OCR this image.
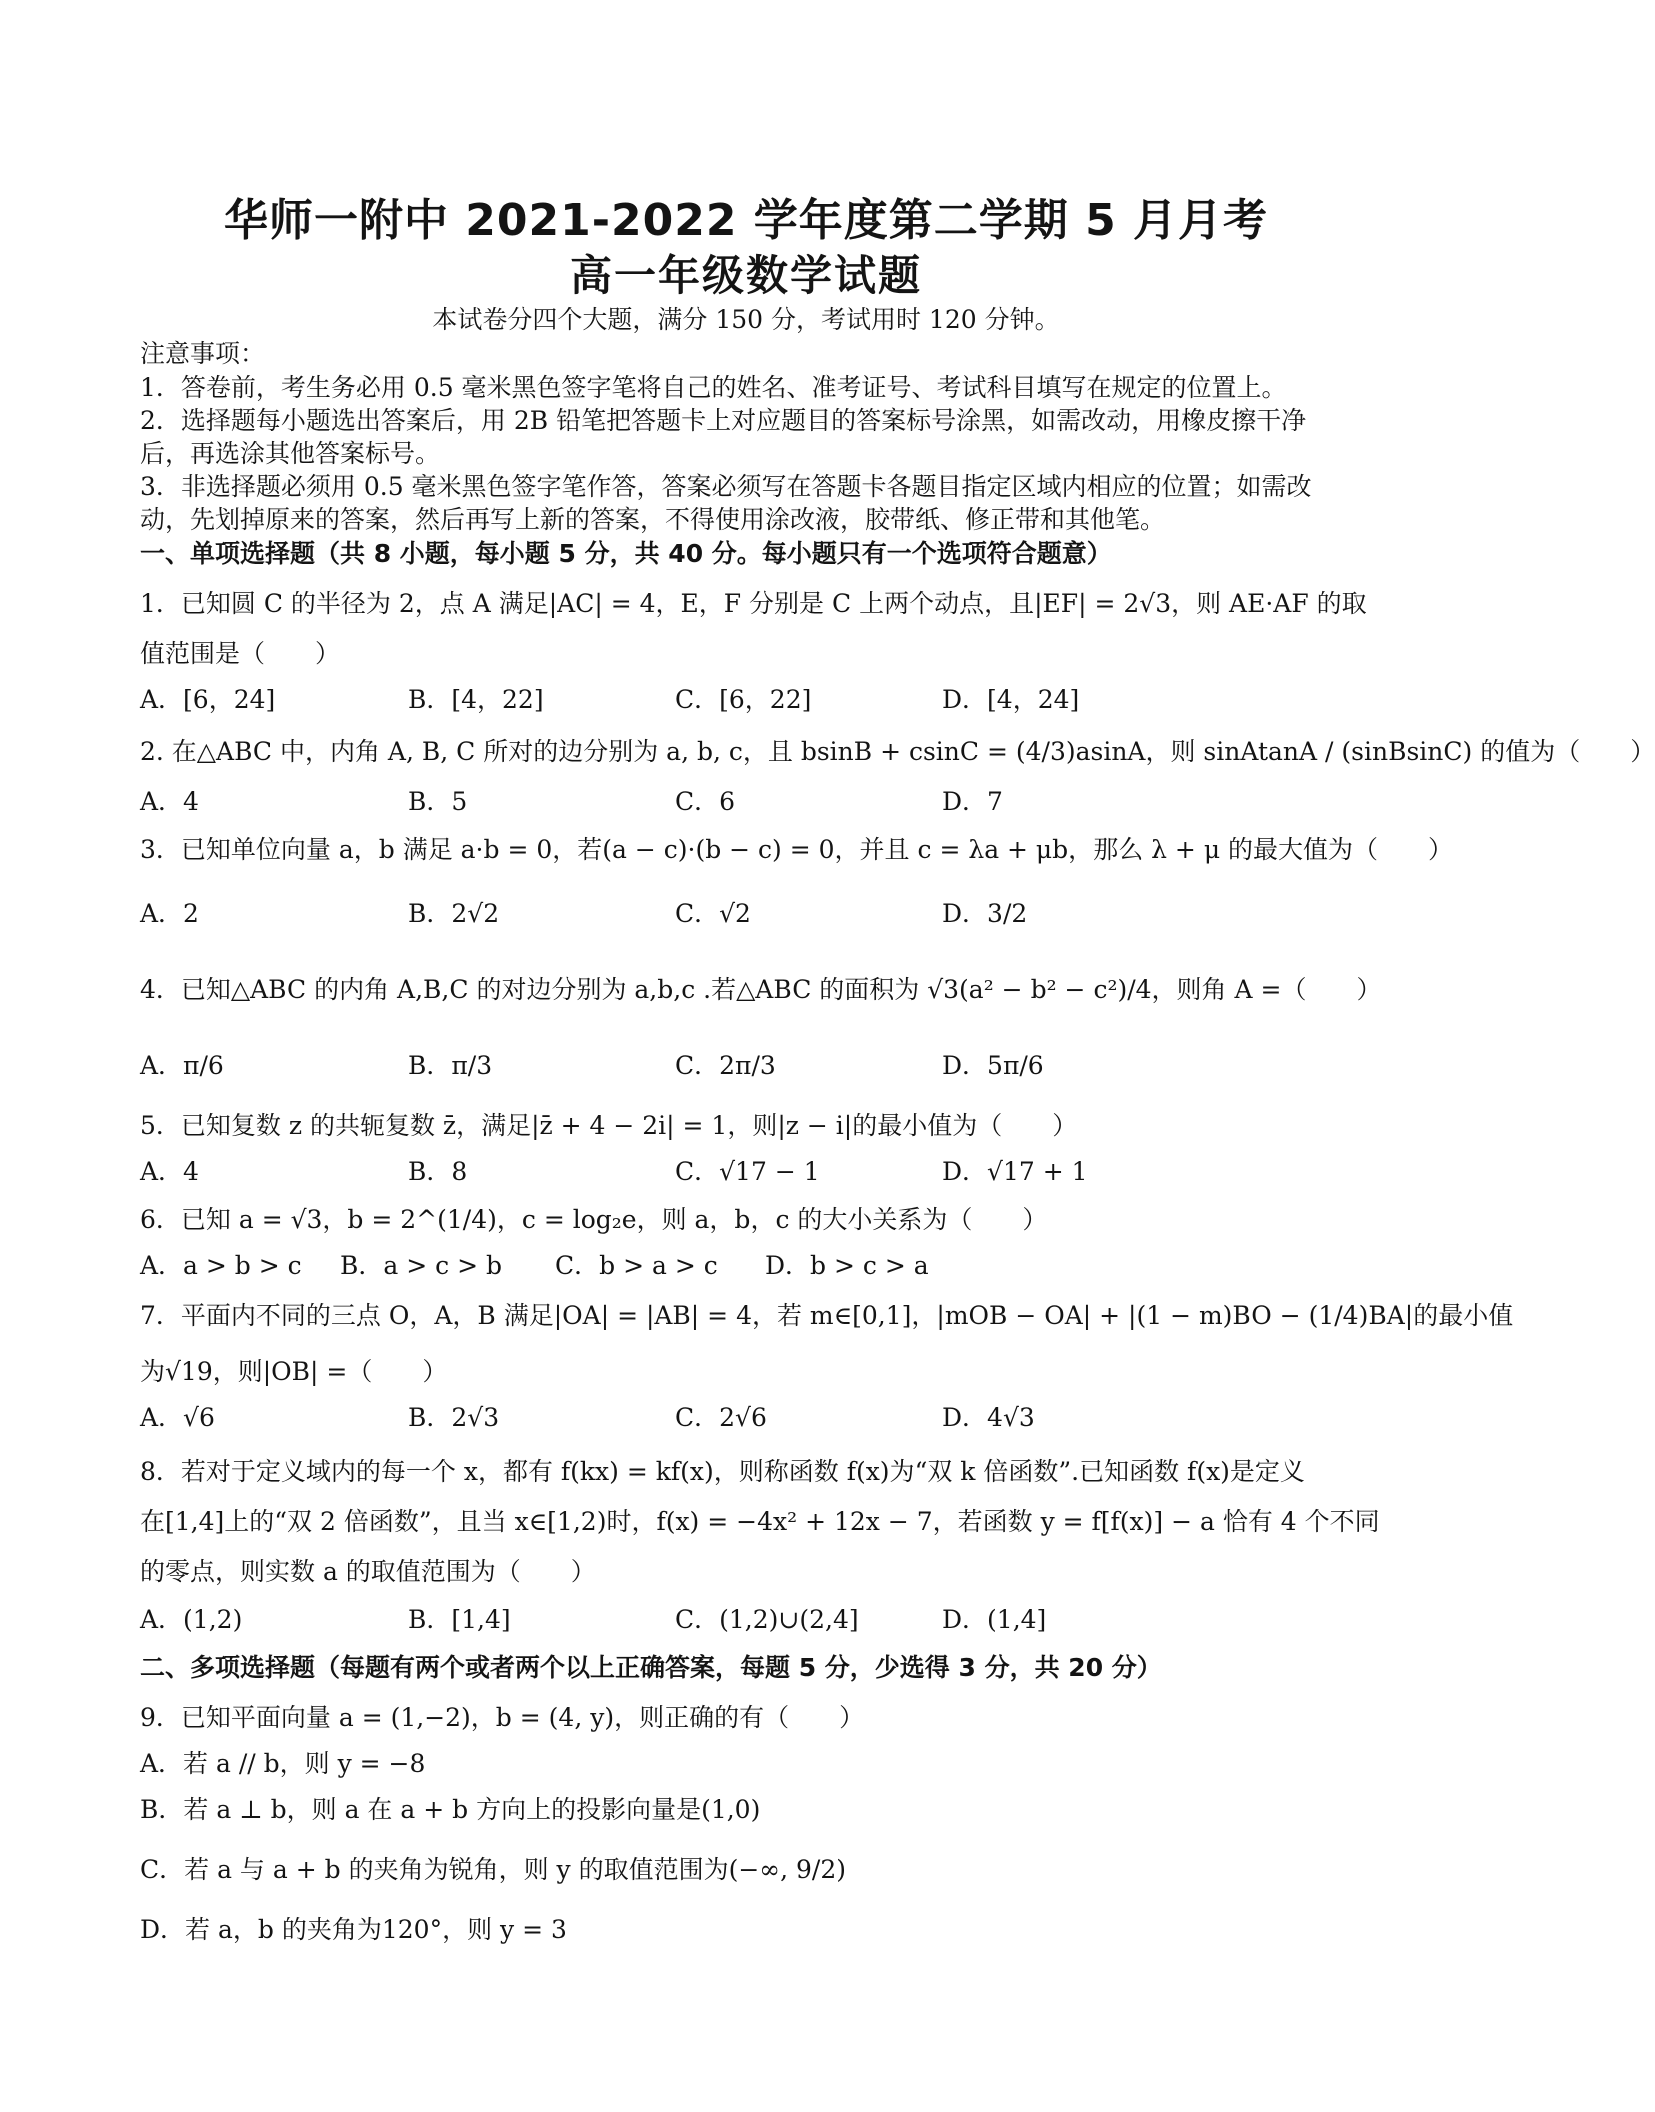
华师一附中 2021-2022 学年度第二学期 5 月月考
高一年级数学试题
本试卷分四个大题，满分 150 分，考试用时 120 分钟。
注意事项：
1．答卷前，考生务必用 0.5 毫米黑色签字笔将自己的姓名、准考证号、考试科目填写在规定的位置上。
2．选择题每小题选出答案后，用 2B 铅笔把答题卡上对应题目的答案标号涂黑，如需改动，用橡皮擦干净
后，再选涂其他答案标号。
3．非选择题必须用 0.5 毫米黑色签字笔作答，答案必须写在答题卡各题目指定区域内相应的位置；如需改
动，先划掉原来的答案，然后再写上新的答案，不得使用涂改液，胶带纸、修正带和其他笔。
一、单项选择题（共 8 小题，每小题 5 分，共 40 分。每小题只有一个选项符合题意）
1．已知圆 C 的半径为 2，点 A 满足|AC| = 4，E，F 分别是 C 上两个动点，且|EF| = 2√3，则 AE·AF 的取
值范围是（　　）
A．[6，24]	B．[4，22]	C．[6，22]	D．[4，24]
2. 在△ABC 中，内角 A, B, C 所对的边分别为 a, b, c，且 bsinB + csinC = (4/3)asinA，则 sinAtanA / (sinBsinC) 的值为（　　）
A．4	B．5	C．6	D．7
3．已知单位向量 a，b 满足 a·b = 0，若(a − c)·(b − c) = 0，并且 c = λa + μb，那么 λ + μ 的最大值为（　　）
A．2	B．2√2	C．√2	D．3/2
4．已知△ABC 的内角 A,B,C 的对边分别为 a,b,c .若△ABC 的面积为 √3(a² − b² − c²)/4，则角 A =（　　）
A．π/6	B．π/3	C．2π/3	D．5π/6
5．已知复数 z 的共轭复数 z̄，满足|z̄ + 4 − 2i| = 1，则|z − i|的最小值为（　　）
A．4	B．8	C．√17 − 1	D．√17 + 1
6．已知 a = √3，b = 2^(1/4)，c = log₂e，则 a，b，c 的大小关系为（　　）
A．a > b > c B．a > c > b C．b > a > c D．b > c > a
7．平面内不同的三点 O，A，B 满足|OA| = |AB| = 4，若 m∈[0,1]，|mOB − OA| + |(1 − m)BO − (1/4)BA|的最小值
为√19，则|OB| =（　　）
A．√6	B．2√3	C．2√6	D．4√3
8．若对于定义域内的每一个 x，都有 f(kx) = kf(x)，则称函数 f(x)为“双 k 倍函数”.已知函数 f(x)是定义
在[1,4]上的“双 2 倍函数”，且当 x∈[1,2)时，f(x) = −4x² + 12x − 7，若函数 y = f[f(x)] − a 恰有 4 个不同
的零点，则实数 a 的取值范围为（　　）
A．(1,2)	B．[1,4]	C．(1,2)∪(2,4]	D．(1,4]
二、多项选择题（每题有两个或者两个以上正确答案，每题 5 分，少选得 3 分，共 20 分）
9．已知平面向量 a = (1,−2)，b = (4, y)，则正确的有（　　）
A．若 a // b，则 y = −8
B．若 a ⊥ b，则 a 在 a + b 方向上的投影向量是(1,0)
C．若 a 与 a + b 的夹角为锐角，则 y 的取值范围为(−∞, 9/2)
D．若 a，b 的夹角为120°，则 y = 3
